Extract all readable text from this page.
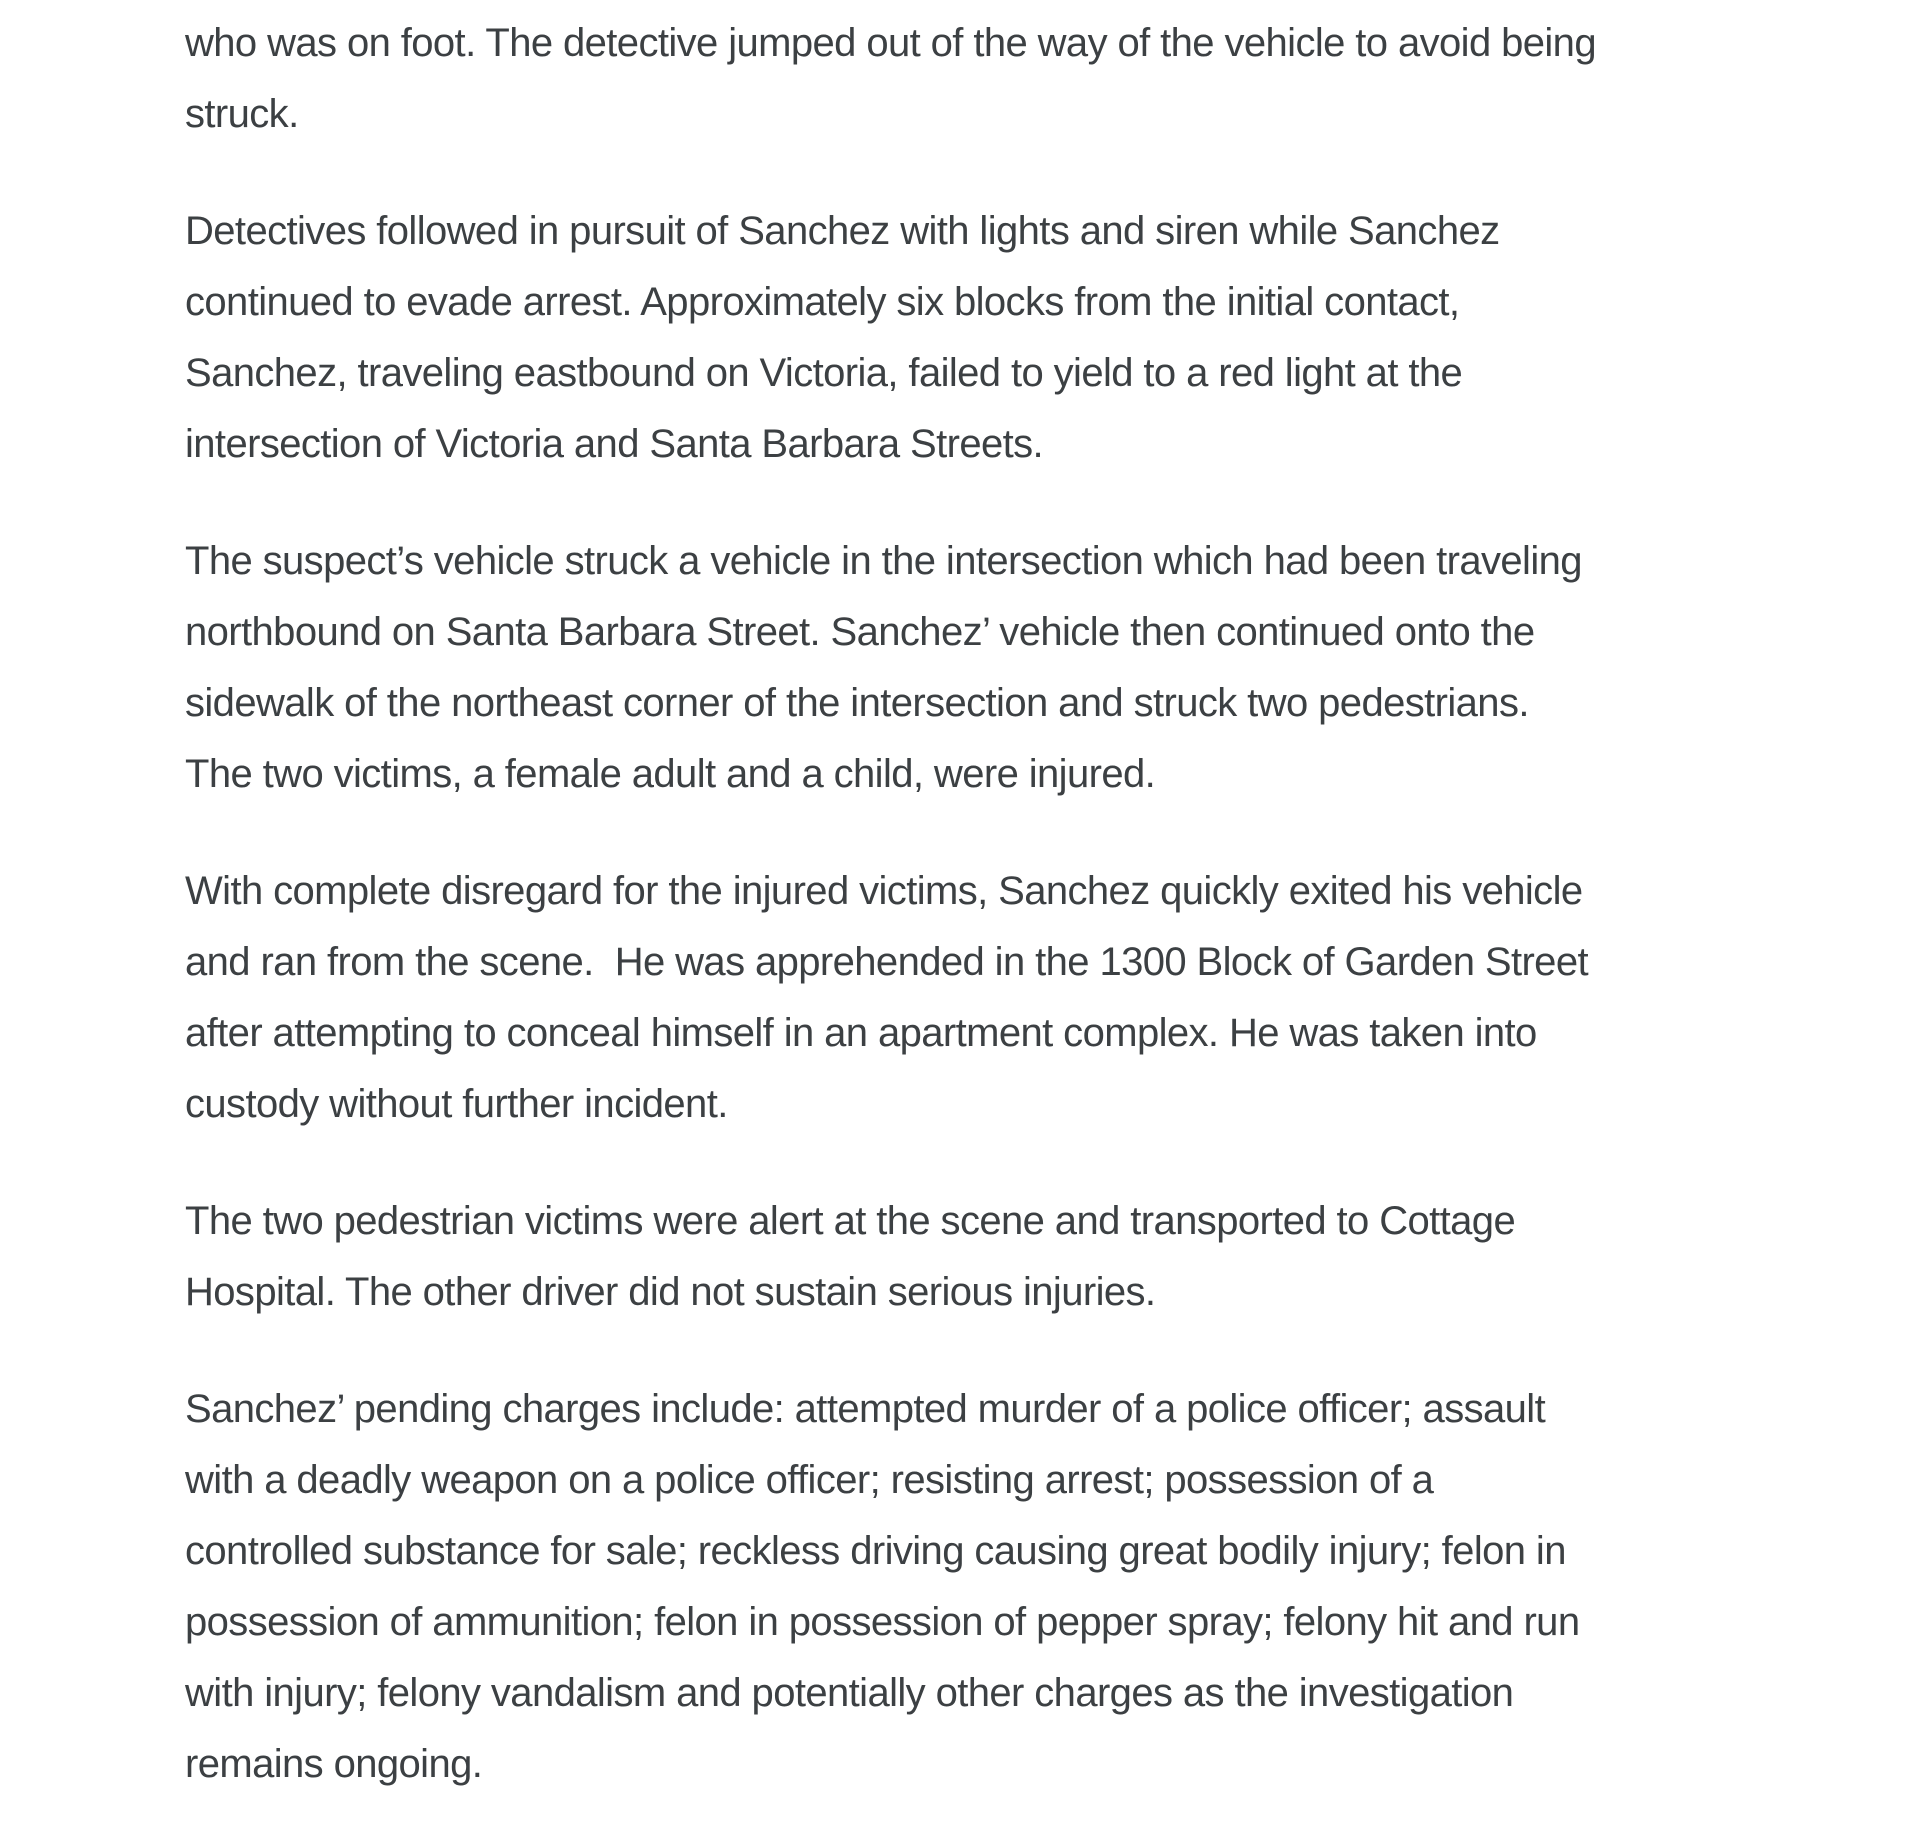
who was on foot. The detective jumped out of the way of the vehicle to avoid being
struck.

Detectives followed in pursuit of Sanchez with lights and siren while Sanchez
continued to evade arrest. Approximately six blocks from the initial contact,
Sanchez, traveling eastbound on Victoria, failed to yield to a red light at the
intersection of Victoria and Santa Barbara Streets.

The suspect’s vehicle struck a vehicle in the intersection which had been traveling
northbound on Santa Barbara Street. Sanchez’ vehicle then continued onto the
sidewalk of the northeast corner of the intersection and struck two pedestrians.
The two victims, a female adult and a child, were injured.

With complete disregard for the injured victims, Sanchez quickly exited his vehicle
and ran from the scene.  He was apprehended in the 1300 Block of Garden Street
after attempting to conceal himself in an apartment complex. He was taken into
custody without further incident.

The two pedestrian victims were alert at the scene and transported to Cottage
Hospital. The other driver did not sustain serious injuries.

Sanchez’ pending charges include: attempted murder of a police officer; assault
with a deadly weapon on a police officer; resisting arrest; possession of a
controlled substance for sale; reckless driving causing great bodily injury; felon in
possession of ammunition; felon in possession of pepper spray; felony hit and run
with injury; felony vandalism and potentially other charges as the investigation
remains ongoing.
